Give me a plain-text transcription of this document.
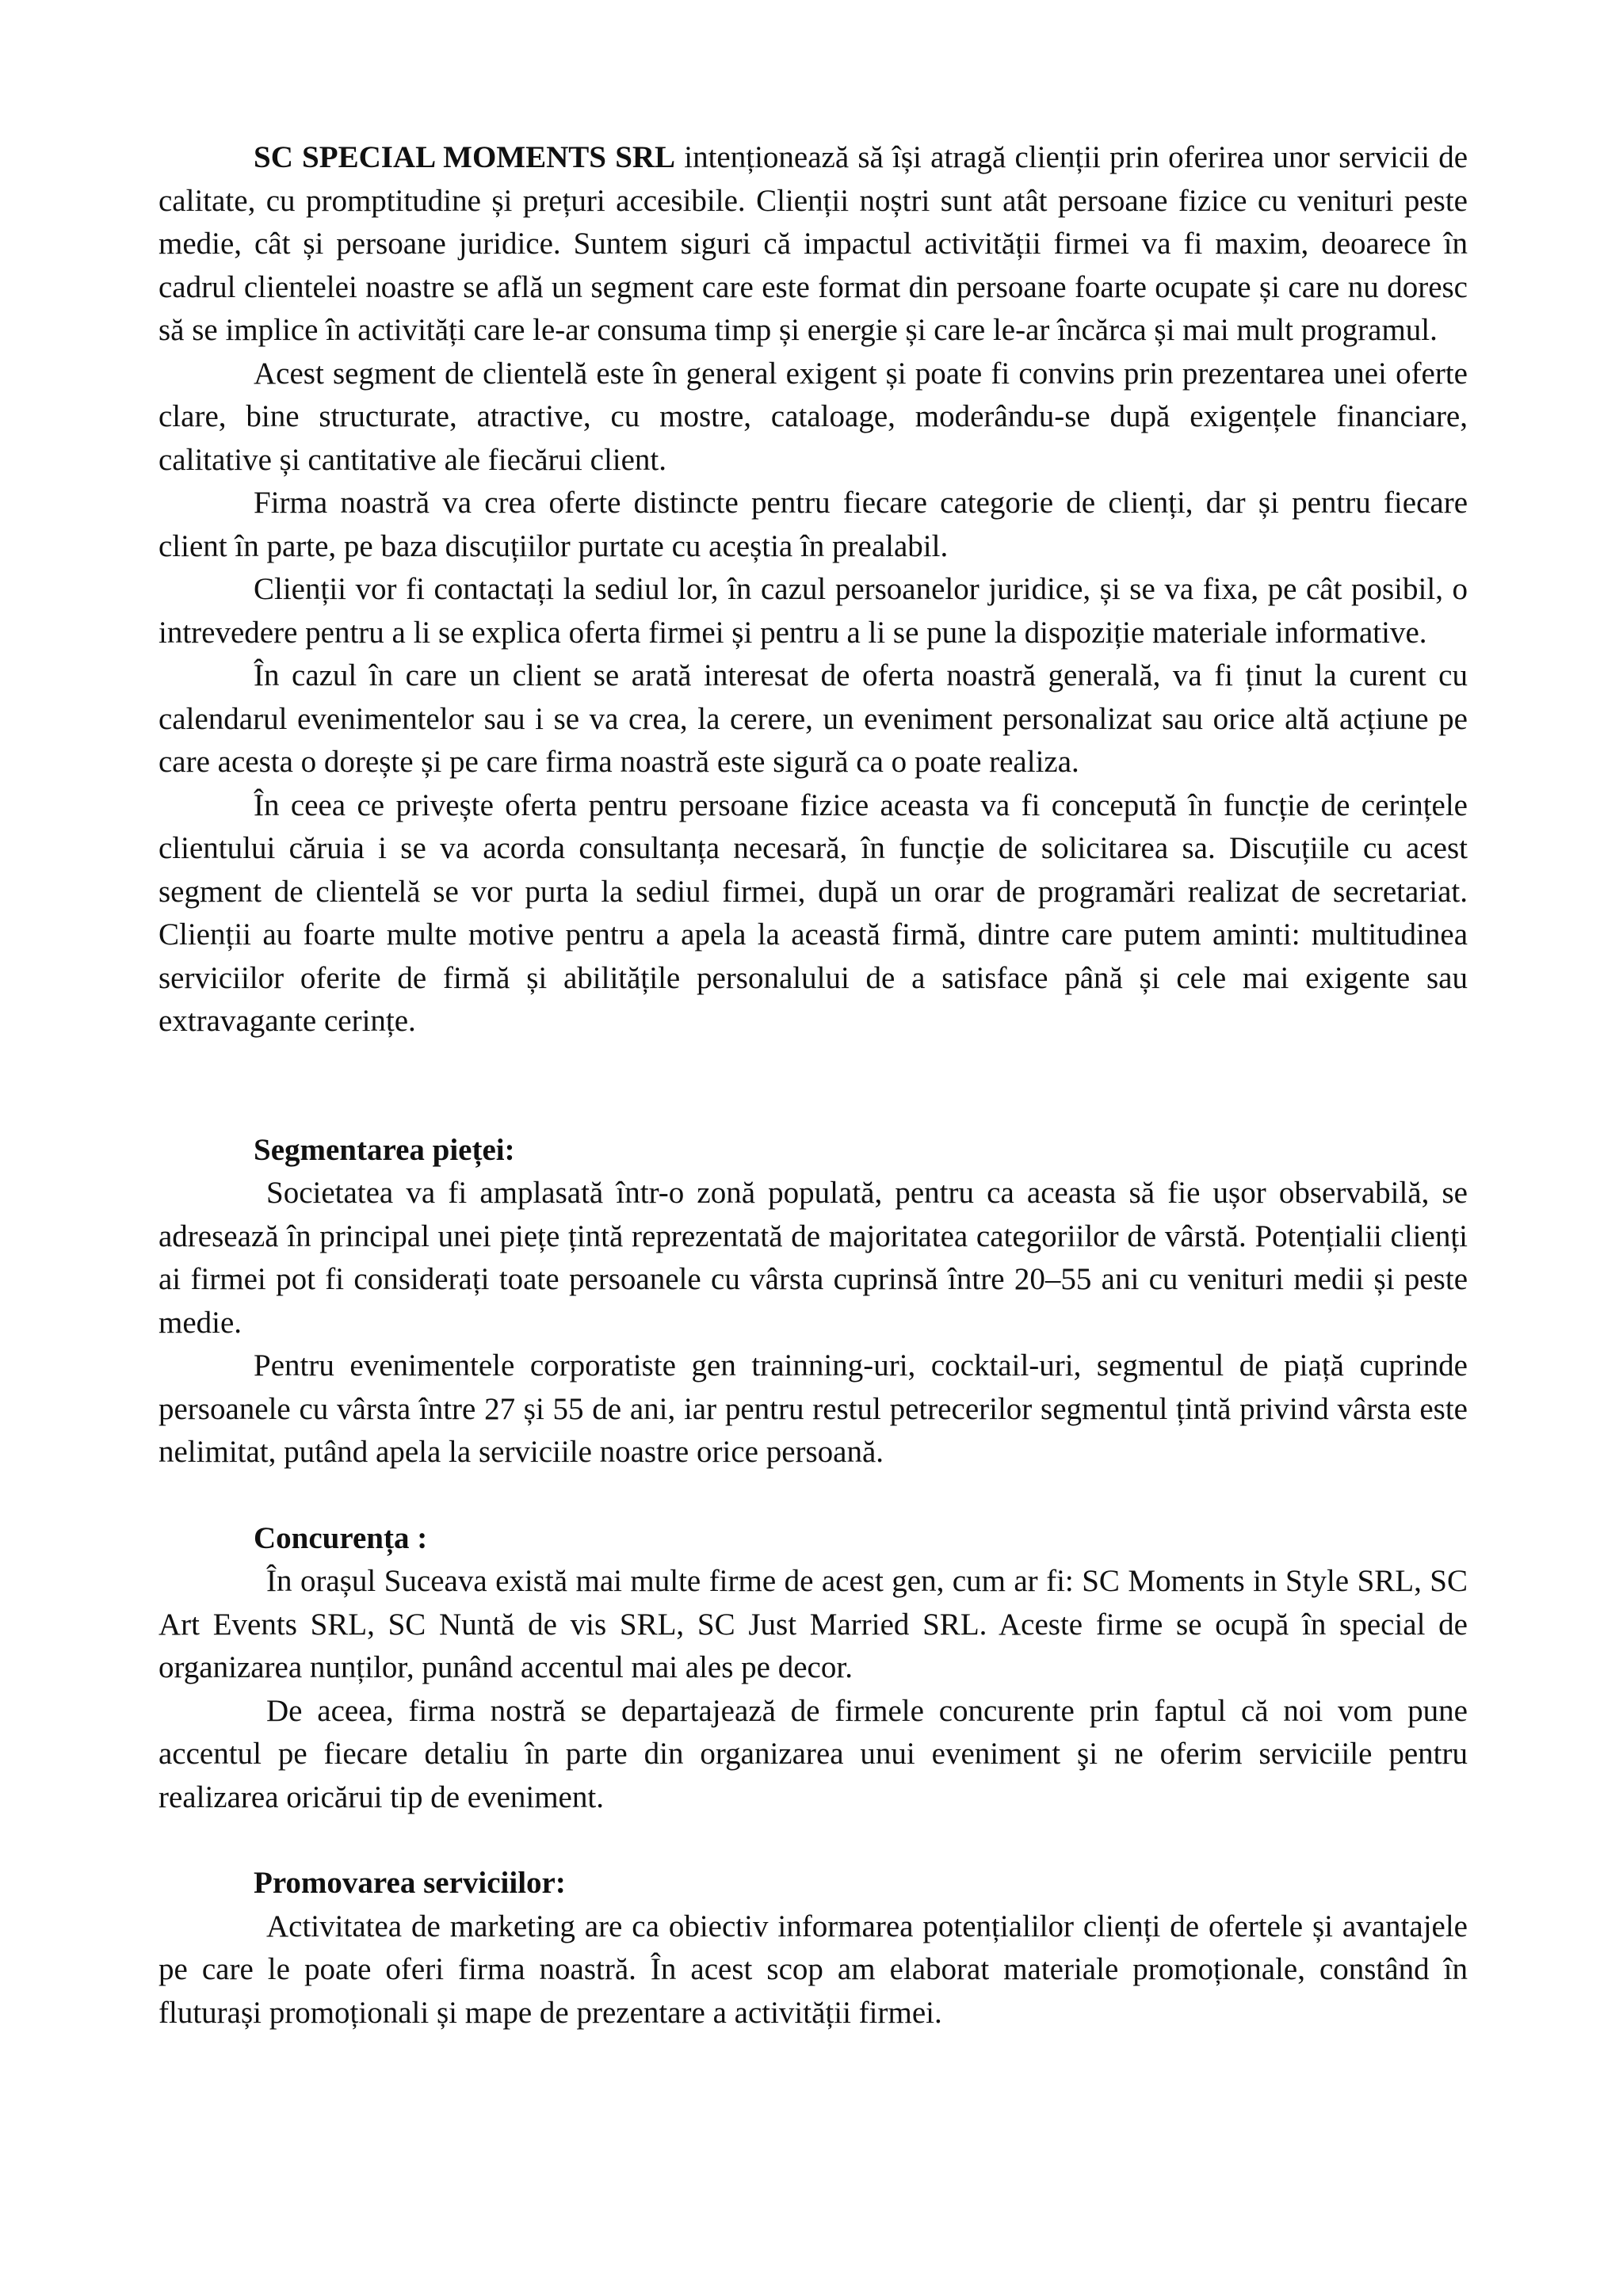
SC SPECIAL MOMENTS SRL intenționează să își atragă clienții prin oferirea unor servicii de calitate, cu promptitudine și prețuri accesibile. Clienții noștri sunt atât persoane fizice cu venituri peste medie, cât și persoane juridice. Suntem siguri că impactul activității firmei va fi maxim, deoarece în cadrul clientelei noastre se află un segment care este format din persoane foarte ocupate și care nu doresc să se implice în activități care le-ar consuma timp și energie și care le-ar încărca și mai mult programul.

Acest segment de clientelă este în general exigent și poate fi convins prin prezentarea unei oferte clare, bine structurate, atractive, cu mostre, cataloage, moderându-se după exigențele financiare, calitative și cantitative ale fiecărui client.

Firma noastră va crea oferte distincte pentru fiecare categorie de clienți, dar și pentru fiecare client în parte, pe baza discuțiilor purtate cu aceștia în prealabil.

Clienții vor fi contactați la sediul lor, în cazul persoanelor juridice, și se va fixa, pe cât posibil, o intrevedere pentru a li se explica oferta firmei și pentru a li se pune la dispoziție materiale informative.

În cazul în care un client se arată interesat de oferta noastră generală, va fi ținut la curent cu calendarul evenimentelor sau i se va crea, la cerere, un eveniment personalizat sau orice altă acțiune pe care acesta o dorește și pe care firma noastră este sigură ca o poate realiza.

În ceea ce privește oferta pentru persoane fizice aceasta va fi concepută în funcție de cerințele clientului căruia i se va acorda consultanța necesară, în funcție de solicitarea sa. Discuțiile cu acest segment de clientelă se vor purta la sediul firmei, după un orar de programări realizat de secretariat. Clienții au foarte multe motive pentru a apela la această firmă, dintre care putem aminti: multitudinea serviciilor oferite de firmă și abilitățile personalului de a satisface până și cele mai exigente sau extravagante cerințe.

Segmentarea pieței:

Societatea va fi amplasată într-o zonă populată, pentru ca aceasta să fie ușor observabilă, se adresează în principal unei piețe țintă reprezentată de majoritatea categoriilor de vârstă. Potențialii clienți ai firmei pot fi considerați toate persoanele cu vârsta cuprinsă între 20–55 ani cu venituri medii și peste medie.

Pentru evenimentele corporatiste gen trainning-uri, cocktail-uri, segmentul de piață cuprinde persoanele cu vârsta între 27 și 55 de ani, iar pentru restul petrecerilor segmentul țintă privind vârsta este nelimitat, putând apela la serviciile noastre orice persoană.

Concurența :

În orașul Suceava există mai multe firme de acest gen, cum ar fi: SC Moments in Style SRL, SC Art Events SRL, SC Nuntă de vis SRL, SC Just Married SRL. Aceste firme se ocupă în special de organizarea nunților, punând accentul mai ales pe decor.

De aceea, firma nostră se departajează de firmele concurente prin faptul că noi vom pune accentul pe fiecare detaliu în parte din organizarea unui eveniment şi ne oferim serviciile pentru realizarea oricărui tip de eveniment.

Promovarea serviciilor:

Activitatea de marketing are ca obiectiv informarea potențialilor clienți de ofertele și avantajele pe care le poate oferi firma noastră. În acest scop am elaborat materiale promoționale, constând în fluturași promoționali și mape de prezentare a activității firmei.
